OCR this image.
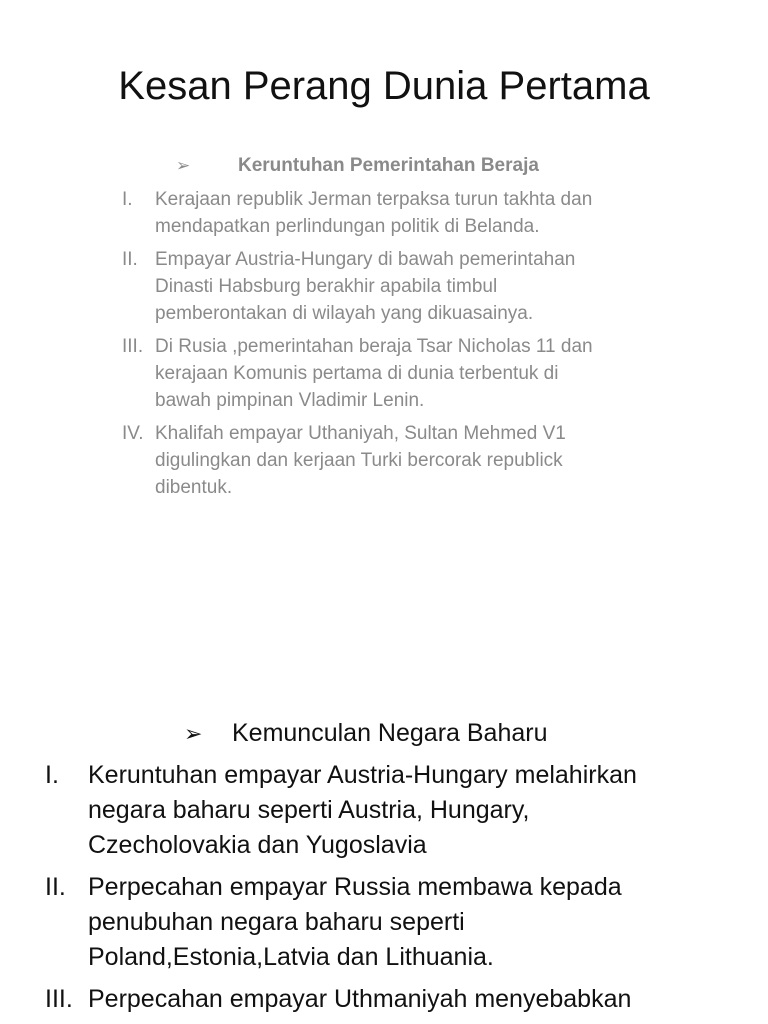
Kesan Perang Dunia Pertama
➢	Keruntuhan Pemerintahan Beraja
I. Kerajaan republik Jerman terpaksa turun takhta dan
mendapatkan perlindungan politik di Belanda.
II. Empayar Austria-Hungary di bawah pemerintahan
Dinasti Habsburg berakhir apabila timbul
pemberontakan di wilayah yang dikuasainya.
III. Di Rusia ,pemerintahan beraja Tsar Nicholas 11 dan
kerajaan Komunis pertama di dunia terbentuk di
bawah pimpinan Vladimir Lenin.
IV. Khalifah empayar Uthaniyah, Sultan Mehmed V1
digulingkan dan kerjaan Turki bercorak republick
dibentuk.
➢ Kemunculan Negara Baharu
I. Keruntuhan empayar Austria-Hungary melahirkan
negara baharu seperti Austria, Hungary,
Czecholovakia dan Yugoslavia
II. Perpecahan empayar Russia membawa kepada
penubuhan negara baharu seperti
Poland,Estonia,Latvia dan Lithuania.
III. Perpecahan empayar Uthmaniyah menyebabkan
